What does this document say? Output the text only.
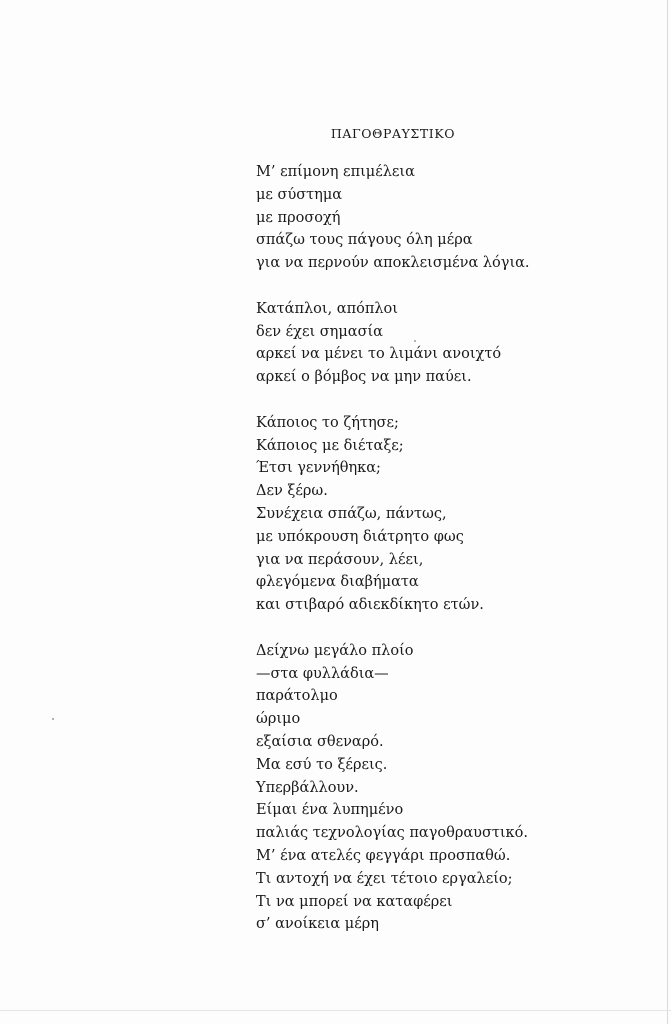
ΠΑΓΟΘΡΑΥΣΤΙΚΟ
Μ’ επίμονη επιμέλεια
με σύστημα
με προσοχή
σπάζω τους πάγους όλη μέρα
για να περνούν αποκλεισμένα λόγια.
Κατάπλοι, απόπλοι
δεν έχει σημασία
αρκεί να μένει το λιμάνι ανοιχτό
αρκεί ο βόμβος να μην παύει.
Κάποιος το ζήτησε;
Κάποιος με διέταξε;
Έτσι γεννήθηκα;
Δεν ξέρω.
Συνέχεια σπάζω, πάντως,
με υπόκρουση διάτρητο φως
για να περάσουν, λέει,
φλεγόμενα διαβήματα
και στιβαρό αδιεκδίκητο ετών.
Δείχνω μεγάλο πλοίο
—στα φυλλάδια—
παράτολμο
ώριμο
εξαίσια σθεναρό.
Μα εσύ το ξέρεις.
Υπερβάλλουν.
Είμαι ένα λυπημένο
παλιάς τεχνολογίας παγοθραυστικό.
Μ’ ένα ατελές φεγγάρι προσπαθώ.
Τι αντοχή να έχει τέτοιο εργαλείο;
Τι να μπορεί να καταφέρει
σ’ ανοίκεια μέρη
